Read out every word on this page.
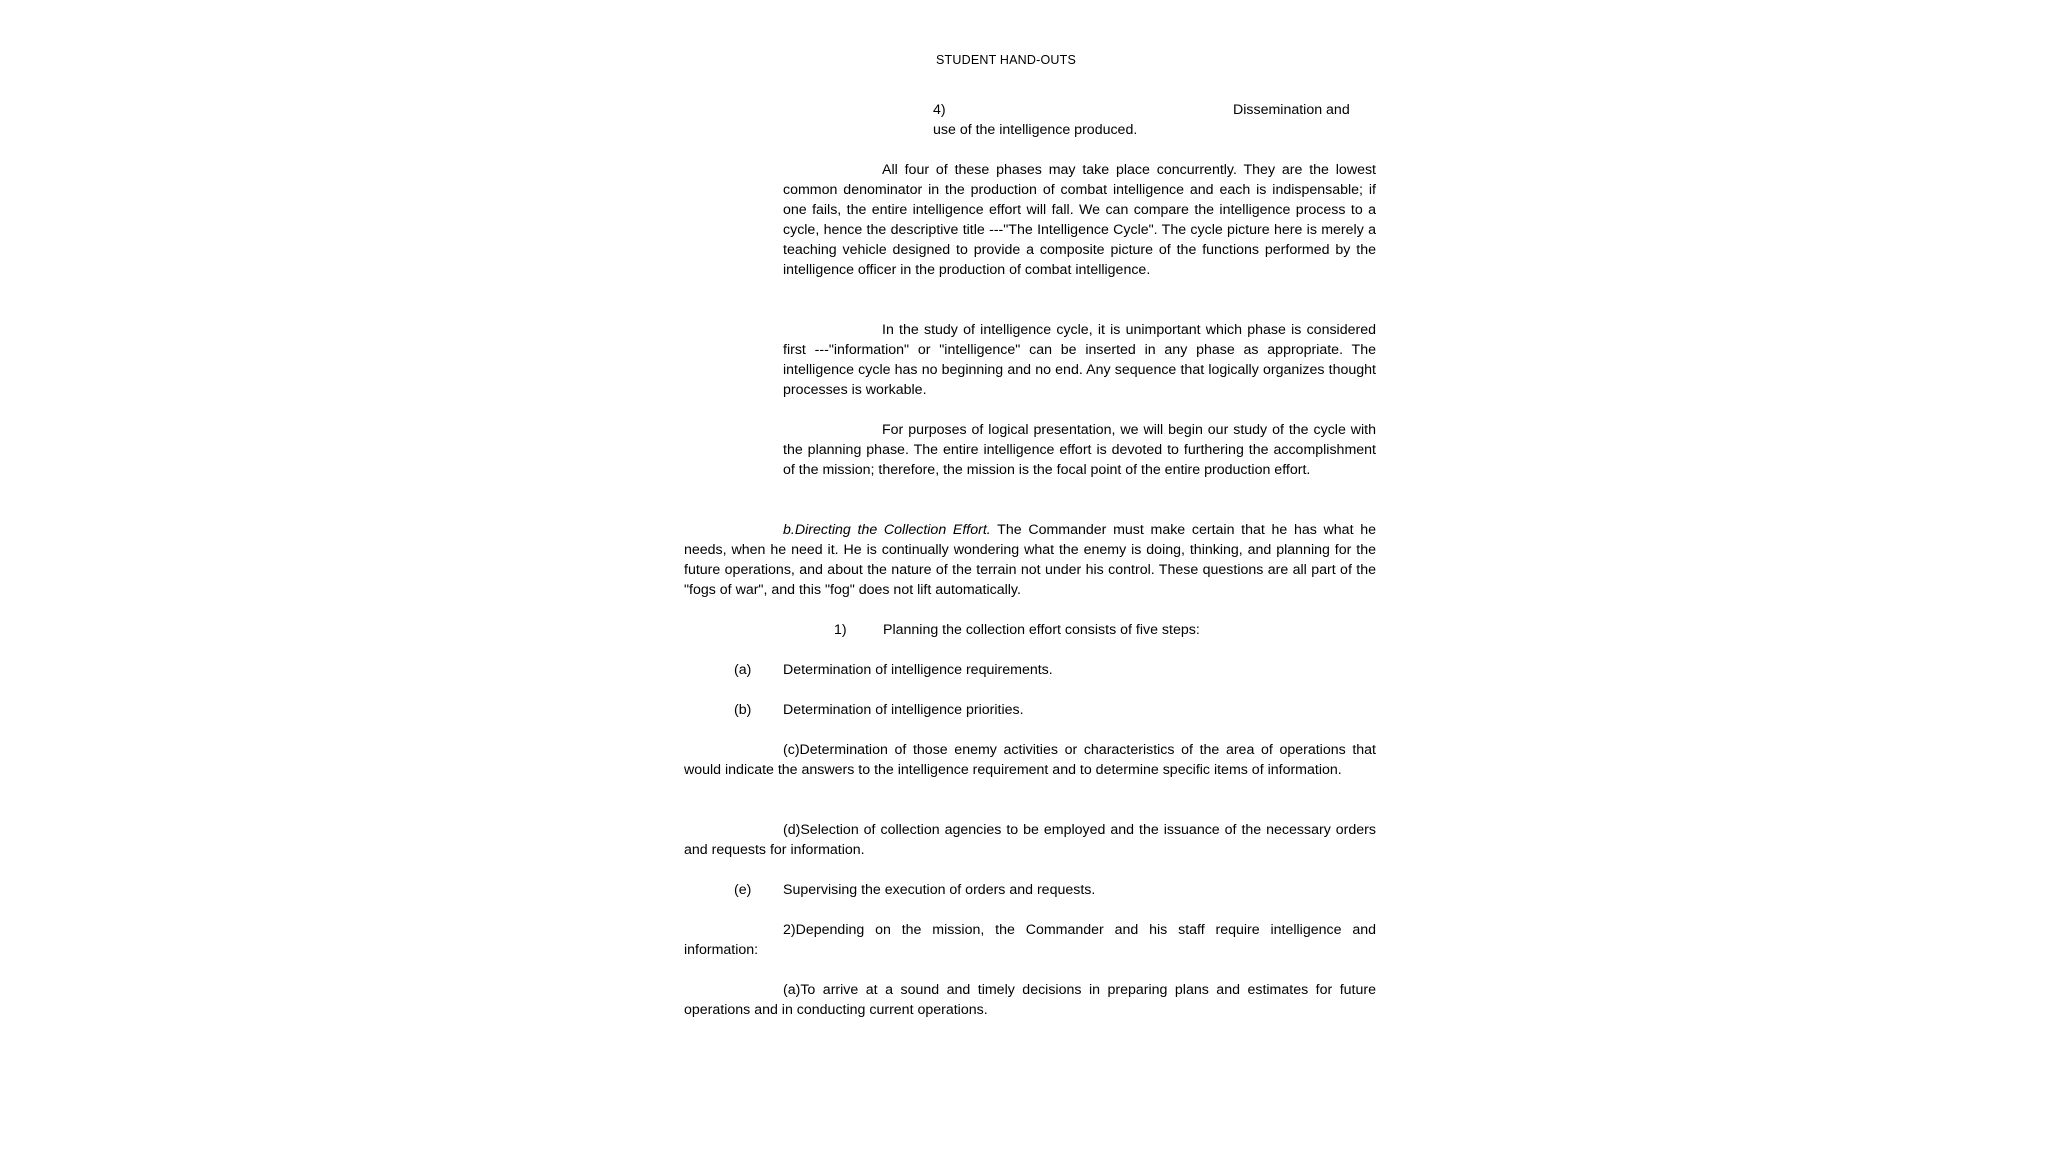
STUDENT HAND-OUTS
4)	Dissemination and
use of the intelligence produced.

All four of these phases may take place concurrently. They are the lowest common denominator in the production of combat intelligence and each is indispensable; if one fails, the entire intelligence effort will fall. We can compare the intelligence process to a cycle, hence the descriptive title ---"The Intelligence Cycle". The cycle picture here is merely a teaching vehicle designed to provide a composite picture of the functions performed by the intelligence officer in the production of combat intelligence.

In the study of intelligence cycle, it is unimportant which phase is considered first ---"information" or "intelligence" can be inserted in any phase as appropriate. The intelligence cycle has no beginning and no end. Any sequence that logically organizes thought processes is workable.

For purposes of logical presentation, we will begin our study of the cycle with the planning phase. The entire intelligence effort is devoted to furthering the accomplishment of the mission; therefore, the mission is the focal point of the entire production effort.

b.Directing the Collection Effort. The Commander must make certain that he has what he needs, when he need it. He is continually wondering what the enemy is doing, thinking, and planning for the future operations, and about the nature of the terrain not under his control. These questions are all part of the "fogs of war", and this "fog" does not lift automatically.

1)	Planning the collection effort consists of five steps:
(a) Determination of intelligence requirements.
(b) Determination of intelligence priorities.

(c)Determination of those enemy activities or characteristics of the area of operations that would indicate the answers to the intelligence requirement and to determine specific items of information.

(d)Selection of collection agencies to be employed and the issuance of the necessary orders and requests for information.

(e) Supervising the execution of orders and requests.

2)Depending on the mission, the Commander and his staff require intelligence and information:

(a)To arrive at a sound and timely decisions in preparing plans and estimates for future operations and in conducting current operations.
